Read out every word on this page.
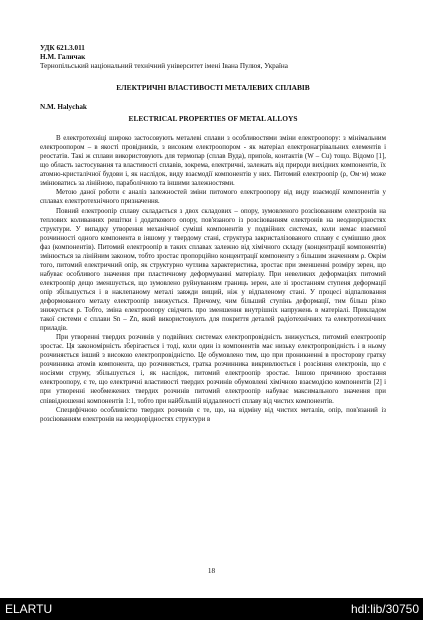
УДК 621.3.011
Н.М. Галичак
Тернопільський національний технічний університет імені Івана Пулюя, Україна
ЕЛЕКТРИЧНІ ВЛАСТИВОСТІ МЕТАЛЕВИХ СПЛАВІВ
N.M. Halychak
ELECTRICAL PROPERTIES OF METAL ALLOYS

В електротехніці широко застосовують металеві сплави з особливостями зміни електроопору: з мінімальним електроопором – в якості провідників, з високим електроопором - як матеріал електронагрівальних елементів і реостатів. Такі ж сплави використовують для термопар (сплав Вуда), припоїв, контактів (W – Cu) тощо. Відомо [1], що область застосування та властивості сплавів, зокрема, електричні, залежать від природи вихідних компонентів, їх атомно-кристалічної будови і, як наслідок, виду взаємодії компонентів у них. Питомий електроопір (ρ, Ом·м) може змінюватись за лінійною, параболічною та іншими залежностями.

Метою даної роботи є аналіз залежностей зміни питомого електроопору від виду взаємодії компонентів у сплавах електротехнічного призначення.

Повний електроопір сплаву складається з двох складових – опору, зумовленого розсіюванням електронів на теплових коливаннях решітки і додаткового опору, пов'язаного із розсіюванням електронів на неоднорідностях структури. У випадку утворення механічної суміші компонентів у подвійних системах, коли немає взаємної розчинності одного компонента в іншому у твердому стані, структура закристалізованого сплаву є сумішшю двох фаз (компонентів). Питомий електроопір в таких сплавах залежно від хімічного складу (концентрації компонентів) змінюється за лінійним законом, тобто зростає пропорційно концентрації компоненту з більшим значенням ρ. Окрім того, питомий електричний опір, як структурно чутлива характеристика, зростає при зменшенні розміру зерен, що набуває особливого значення при пластичному деформуванні матеріалу. При невеликих деформаціях питомий електроопір дещо зменшується, що зумовлено руйнуванням границь зерен, але зі зростанням ступеня деформації опір збільшується і в наклепаному металі завжди вищий, ніж у відпаленому стані. У процесі відпалювання деформованого металу електроопір знижується. Причому, чим більший ступінь деформації, тим більш різко знижується ρ. Тобто, зміна електроопору свідчить про зменшення внутрішніх напружень в матеріалі. Прикладом такої системи є сплави Sn – Zn, який використовують для покриття деталей радіотехнічних та електротехнічних приладів.

При утворенні твердих розчинів у подвійних системах електропровідність знижується, питомий електроопір зростає. Ця закономірність зберігається і тоді, коли один із компонентів має низьку електропровідність і в ньому розчиняється інший з високою електропровідністю. Це обумовлено тим, що при проникненні в просторову гратку розчинника атомів компонента, що розчиняється, гратка розчинника викривлюється і розсіяння електронів, що є носіями струму, збільшується і, як наслідок, питомий електроопір зростає. Іншою причиною зростання електроопору, є те, що електричні властивості твердих розчинів обумовлені хімічною взаємодією компонентів [2] і при утворенні необмежених твердих розчинів питомий електроопір набуває максимального значення при співвідношенні компонентів 1:1, тобто при найбільшій віддаленості сплаву від чистих компонентів.

Специфічною особливістю твердих розчинів є те, що, на відміну від чистих металів, опір, пов'язаний із розсіюванням електронів на неоднорідностях структури в

18
ELARTU	hdl:lib/30750
